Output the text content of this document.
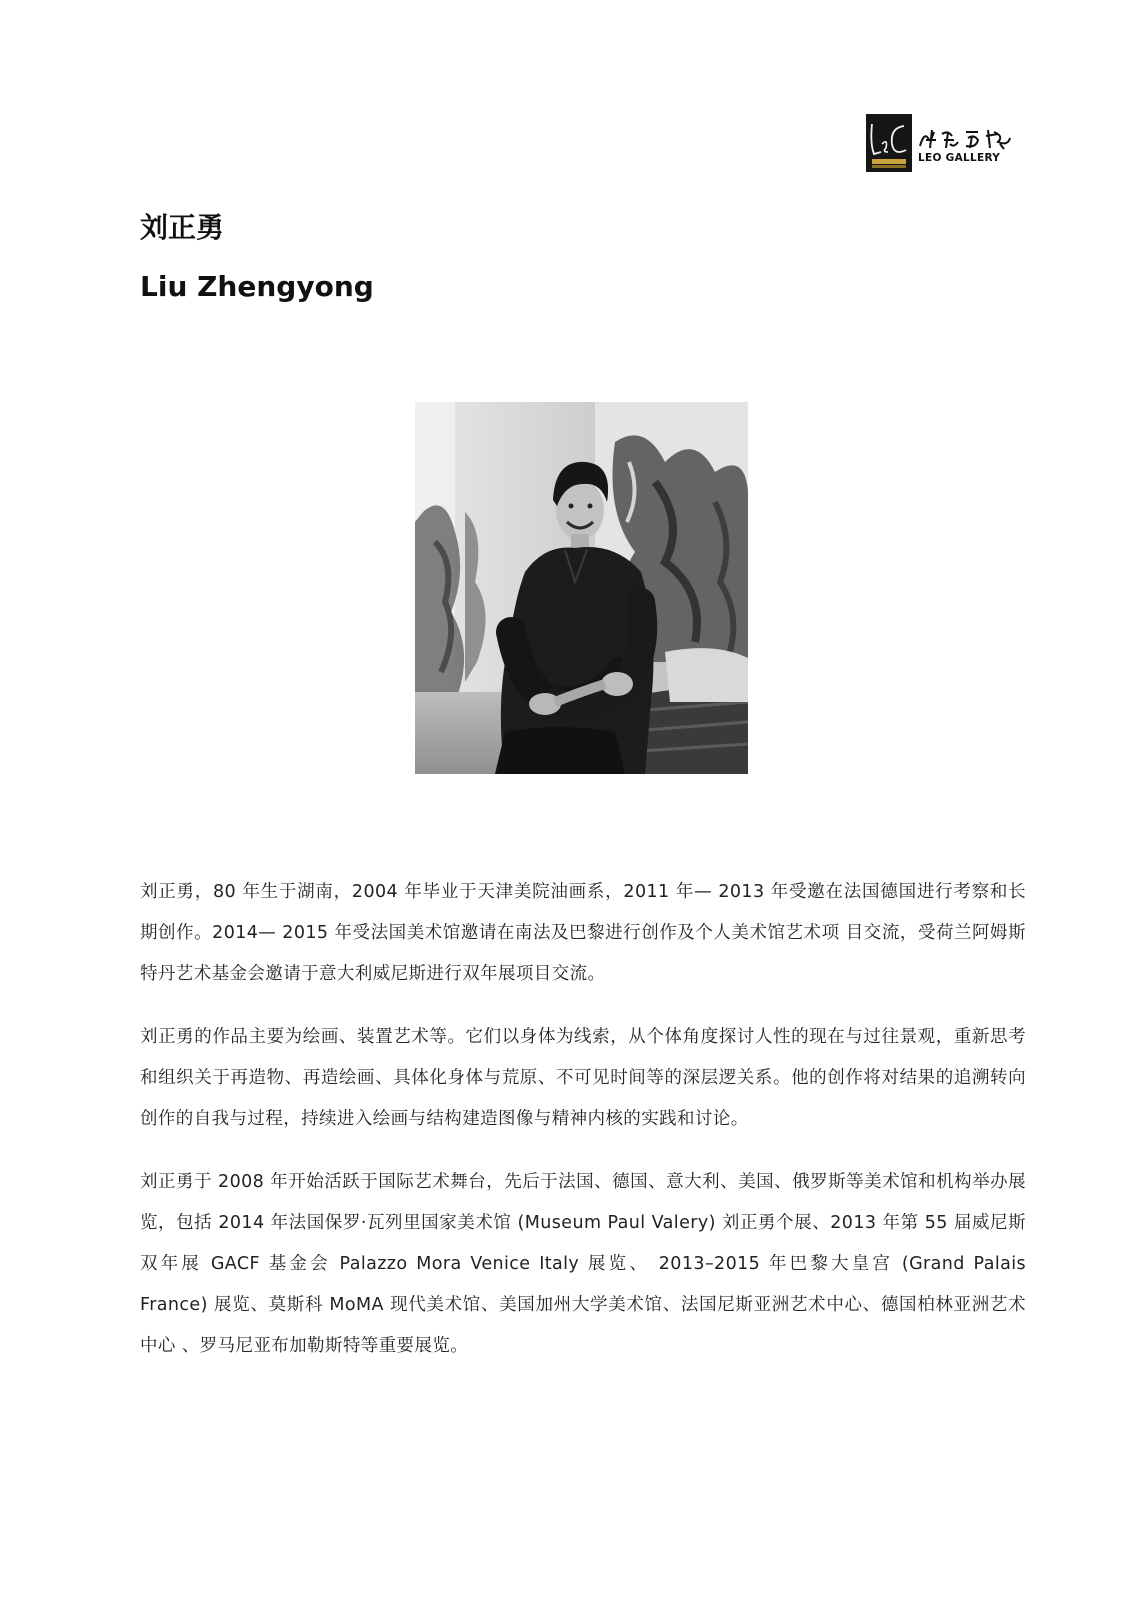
LEO GALLERY
刘正勇
Liu Zhengyong

刘正勇，80 年生于湖南，2004 年毕业于天津美院油画系，2011 年— 2013 年受邀在法国德国进行考察和长期创作。2014— 2015 年受法国美术馆邀请在南法及巴黎进行创作及个人美术馆艺术项 目交流，受荷兰阿姆斯特丹艺术基金会邀请于意大利威尼斯进行双年展项目交流。

刘正勇的作品主要为绘画、装置艺术等。它们以身体为线索，从个体角度探讨人性的现在与过往景观，重新思考和组织关于再造物、再造绘画、具体化身体与荒原、不可见时间等的深层逻关系。他的创作将对结果的追溯转向创作的自我与过程，持续进入绘画与结构建造图像与精神内核的实践和讨论。

刘正勇于 2008 年开始活跃于国际艺术舞台，先后于法国、德国、意大利、美国、俄罗斯等美术馆和机构举办展览，包括 2014 年法国保罗·瓦列里国家美术馆 (Museum Paul Valery) 刘正勇个展、2013 年第 55 届威尼斯双年展 GACF 基金会 Palazzo Mora Venice Italy 展览、 2013–2015 年巴黎大皇宫 (Grand Palais France) 展览、莫斯科 MoMA 现代美术馆、美国加州大学美术馆、法国尼斯亚洲艺术中心、德国柏林亚洲艺术中心 、罗马尼亚布加勒斯特等重要展览。
